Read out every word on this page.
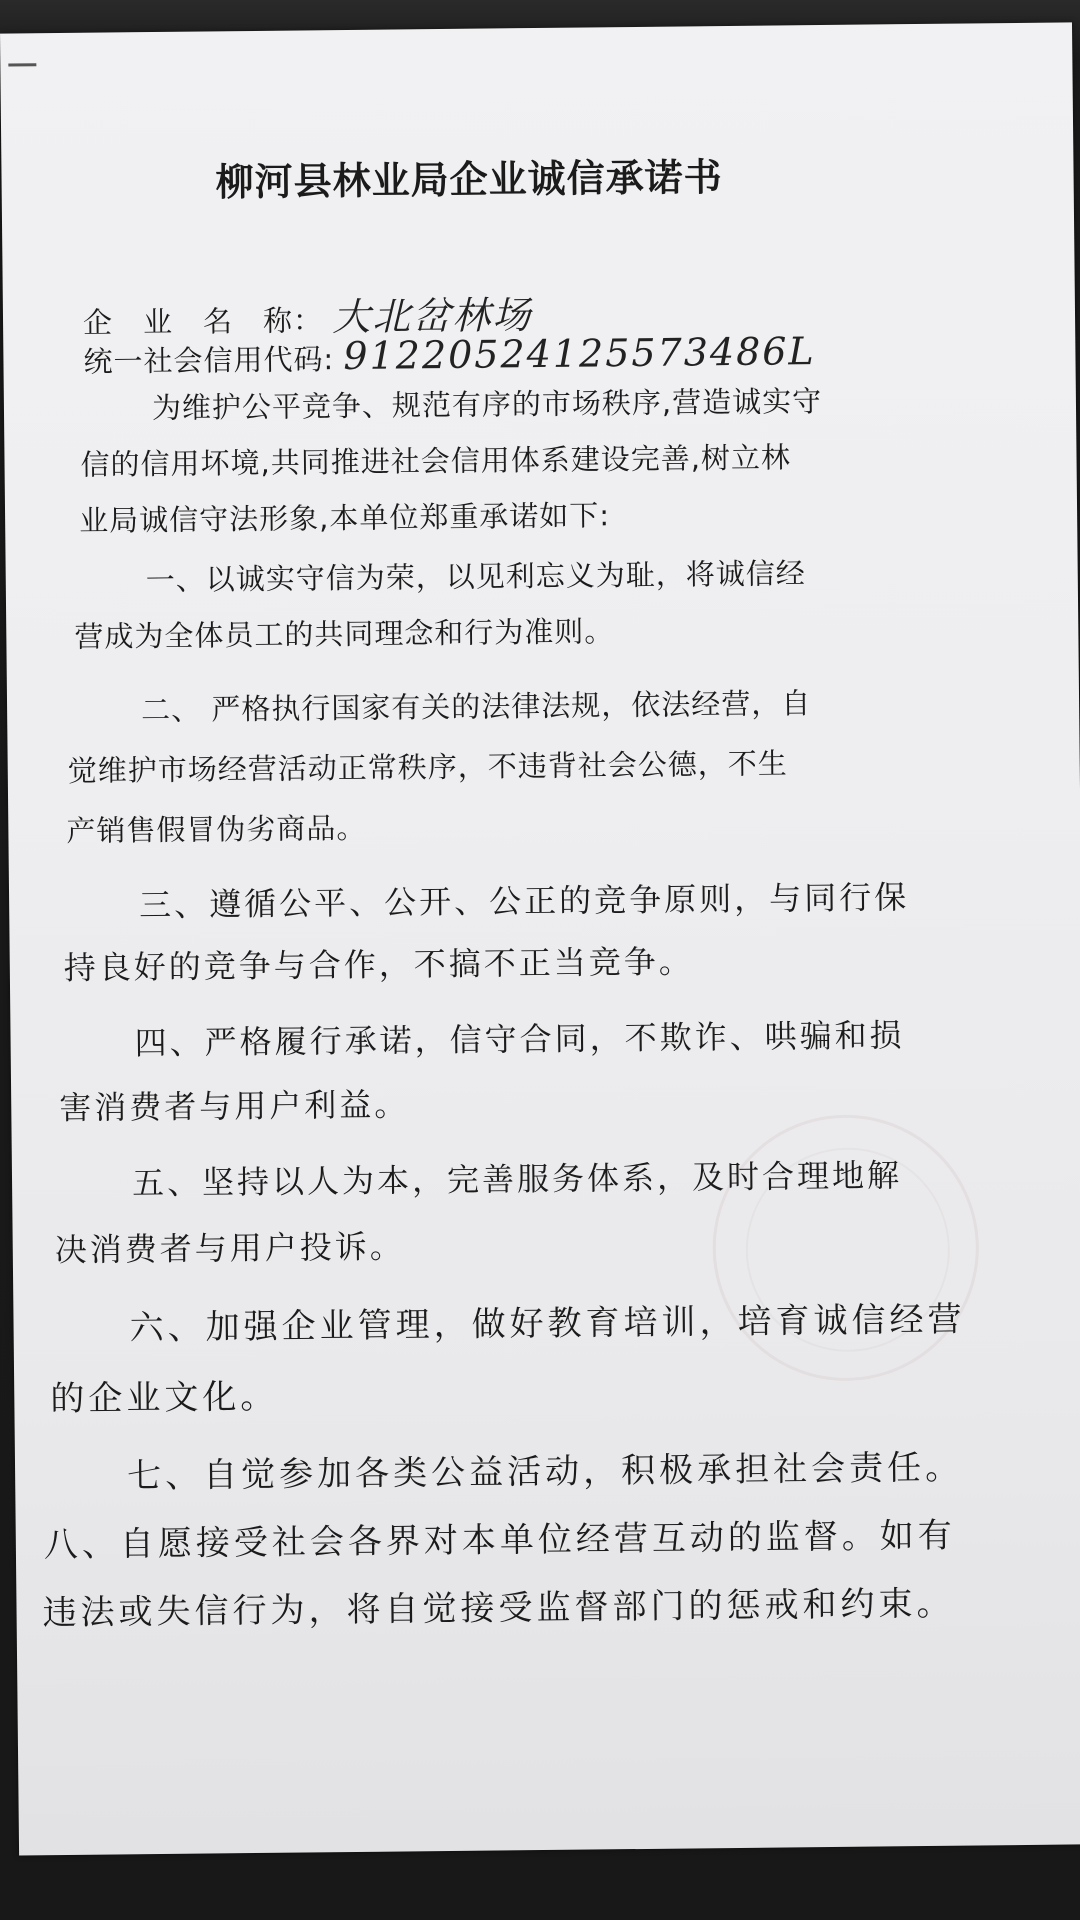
柳河县林业局企业诚信承诺书
企　业　名　称： 大北岔林场
统一社会信用代码: 91220524125573486L
为维护公平竞争、规范有序的市场秩序,营造诚实守
信的信用坏境,共同推进社会信用体系建设完善,树立林
业局诚信守法形象,本单位郑重承诺如下:
一、以诚实守信为荣，以见利忘义为耻，将诚信经
营成为全体员工的共同理念和行为准则。
二、 严格执行国家有关的法律法规，依法经营，自
觉维护市场经营活动正常秩序，不违背社会公德，不生
产销售假冒伪劣商品。
三、遵循公平、公开、公正的竞争原则，与同行保
持良好的竞争与合作，不搞不正当竞争。
四、严格履行承诺，信守合同，不欺诈、哄骗和损
害消费者与用户利益。
五、坚持以人为本，完善服务体系，及时合理地解
决消费者与用户投诉。
六、加强企业管理，做好教育培训，培育诚信经营
的企业文化。
七、自觉参加各类公益活动，积极承担社会责任。
八、自愿接受社会各界对本单位经营互动的监督。如有
违法或失信行为，将自觉接受监督部门的惩戒和约束。
